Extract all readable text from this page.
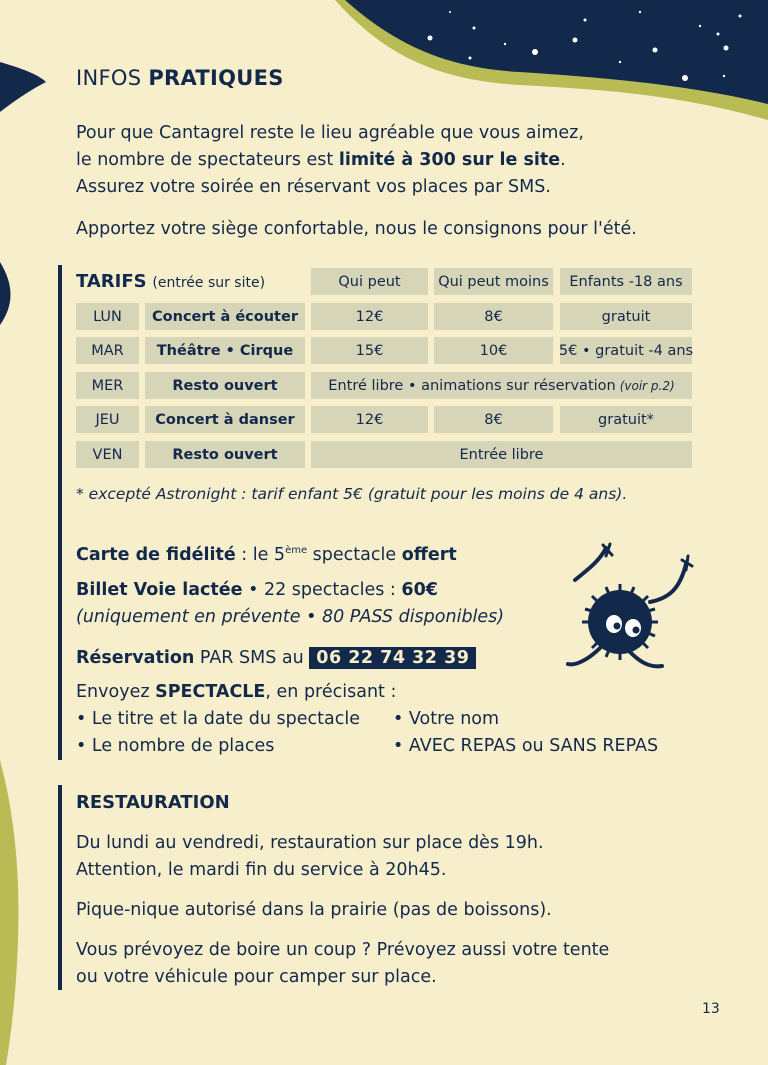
INFOS PRATIQUES
Pour que Cantagrel reste le lieu agréable que vous aimez,
le nombre de spectateurs est limité à 300 sur le site.
Assurez votre soirée en réservant vos places par SMS.
Apportez votre siège confortable, nous le consignons pour l'été.
TARIFS (entrée sur site)	Qui peut	Qui peut moins	Enfants -18 ans
LUN	Concert à écouter	12€	8€	gratuit
MAR	Théâtre • Cirque	15€	10€	5€ • gratuit -4 ans
MER	Resto ouvert	Entré libre • animations sur réservation (voir p.2)
JEU	Concert à danser	12€	8€	gratuit*
VEN	Resto ouvert	Entrée libre
* excepté Astronight : tarif enfant 5€ (gratuit pour les moins de 4 ans).
Carte de fidélité : le 5ème spectacle offert
Billet Voie lactée • 22 spectacles : 60€
(uniquement en prévente • 80 PASS disponibles)
Réservation PAR SMS au 06 22 74 32 39
Envoyez SPECTACLE, en précisant :
• Le titre et la date du spectacle • Votre nom
• Le nombre de places	• AVEC REPAS ou SANS REPAS
RESTAURATION
Du lundi au vendredi, restauration sur place dès 19h.
Attention, le mardi fin du service à 20h45.
Pique-nique autorisé dans la prairie (pas de boissons).
Vous prévoyez de boire un coup ? Prévoyez aussi votre tente
ou votre véhicule pour camper sur place.
13
